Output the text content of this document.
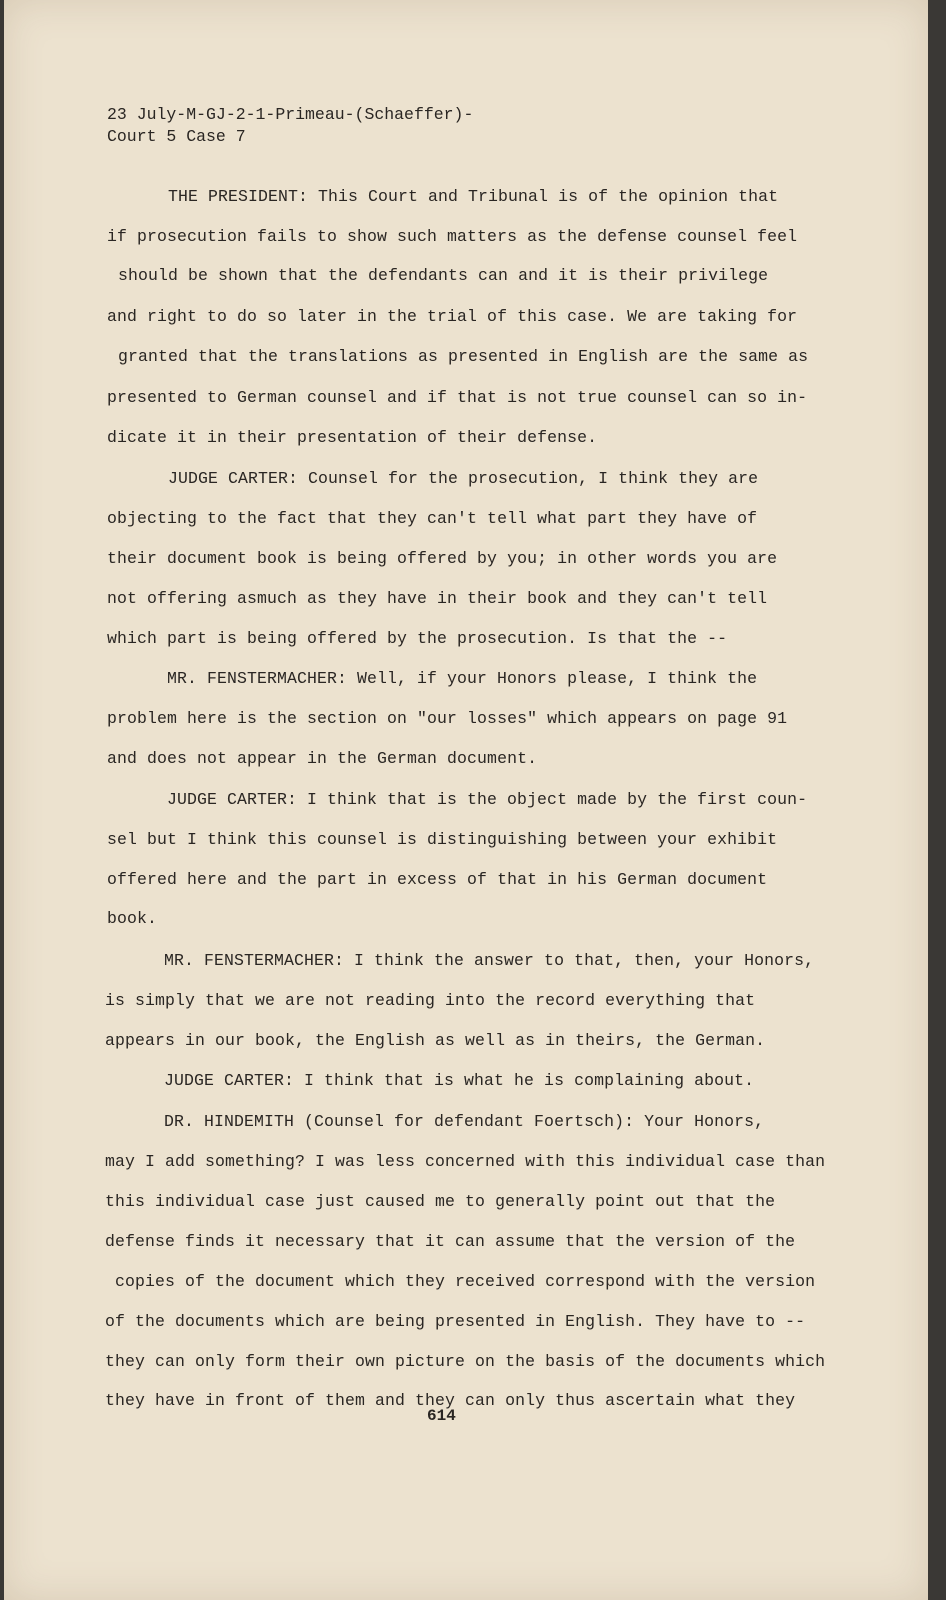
23 July-M-GJ-2-1-Primeau-(Schaeffer)-
Court 5 Case 7
THE PRESIDENT: This Court and Tribunal is of the opinion that
if prosecution fails to show such matters as the defense counsel feel
should be shown that the defendants can and it is their privilege
and right to do so later in the trial of this case. We are taking for
granted that the translations as presented in English are the same as
presented to German counsel and if that is not true counsel can so in-
dicate it in their presentation of their defense.
JUDGE CARTER: Counsel for the prosecution, I think they are
objecting to the fact that they can't tell what part they have of
their document book is being offered by you; in other words you are
not offering asmuch as they have in their book and they can't tell
which part is being offered by the prosecution. Is that the --
MR. FENSTERMACHER: Well, if your Honors please, I think the
problem here is the section on "our losses" which appears on page 91
and does not appear in the German document.
JUDGE CARTER: I think that is the object made by the first coun-
sel but I think this counsel is distinguishing between your exhibit
offered here and the part in excess of that in his German document
book.
MR. FENSTERMACHER: I think the answer to that, then, your Honors,
is simply that we are not reading into the record everything that
appears in our book, the English as well as in theirs, the German.
JUDGE CARTER: I think that is what he is complaining about.
DR. HINDEMITH (Counsel for defendant Foertsch): Your Honors,
may I add something? I was less concerned with this individual case than
this individual case just caused me to generally point out that the
defense finds it necessary that it can assume that the version of the
copies of the document which they received correspond with the version
of the documents which are being presented in English. They have to --
they can only form their own picture on the basis of the documents which
they have in front of them and they can only thus ascertain what they
614
